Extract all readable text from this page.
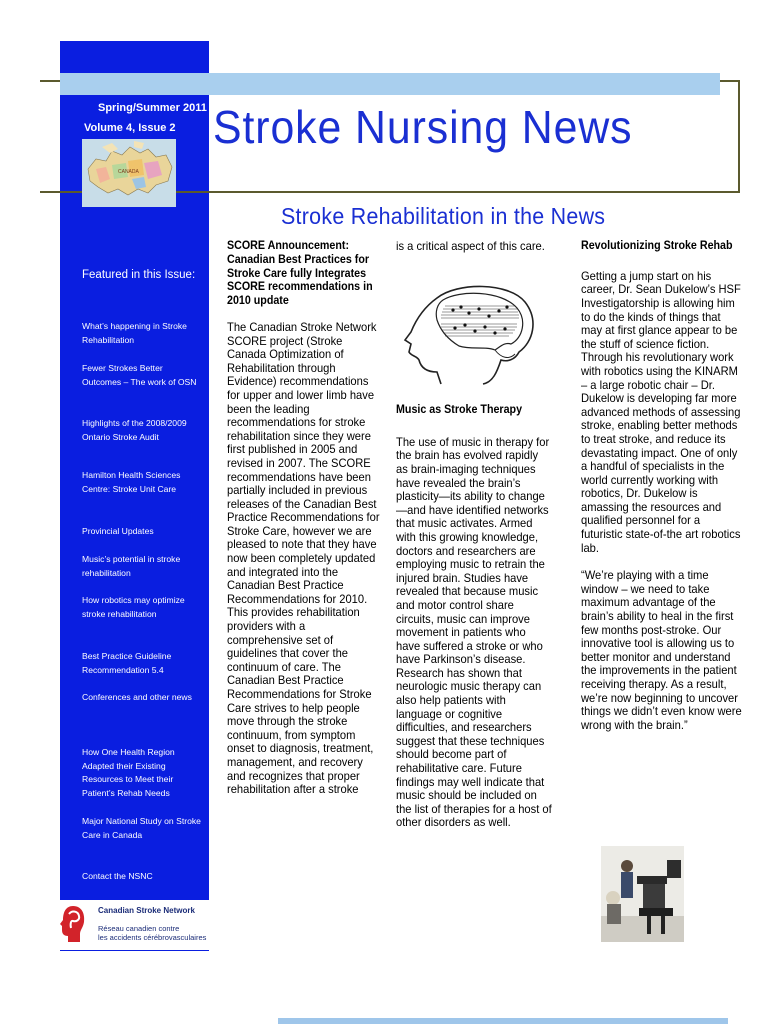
Spring/Summer 2011
Volume 4, Issue 2
CANADA
Stroke Nursing News
Stroke Rehabilitation in the News
Featured in this Issue:
What’s happening in Stroke Rehabilitation
Fewer Strokes Better Outcomes – The work of OSN
Highlights of the 2008/2009 Ontario Stroke Audit
Hamilton Health Sciences Centre: Stroke Unit Care
Provincial Updates
Music’s potential in stroke rehabilitation
How robotics may optimize stroke rehabilitation
Best Practice Guideline Recommendation 5.4
Conferences and other news
How One Health Region Adapted their Existing Resources to Meet their Patient’s Rehab Needs
Major National Study on Stroke Care in Canada
Contact the NSNC
SCORE Announcement: Canadian Best Practices for Stroke Care fully Integrates SCORE recommendations in 2010 update
The Canadian Stroke Network SCORE project (Stroke Canada Optimization of Rehabilitation through Evidence) recommendations for upper and lower limb have been the leading recommendations for stroke rehabilitation since they were first published in 2005 and revised in 2007. The SCORE recommendations have been partially included in previous releases of the Canadian Best Practice Recommendations for Stroke Care, however we are pleased to note that they have now been completely updated and integrated into the Canadian Best Practice Recommendations for 2010. This provides rehabilitation providers with a comprehensive set of guidelines that cover the continuum of care. The Canadian Best Practice Recommendations for Stroke Care strives to help people move through the stroke continuum, from symptom onset to diagnosis, treatment, management, and recovery and recognizes that proper rehabilitation after a stroke
is a critical aspect of this care.
Music as Stroke Therapy
The use of music in therapy for the brain has evolved rapidly as brain-imaging techniques have revealed the brain’s plasticity—its ability to change—and have identified networks that music activates. Armed with this growing knowledge, doctors and researchers are employing music to retrain the injured brain. Studies have revealed that because music and motor control share circuits, music can improve movement in patients who have suffered a stroke or who have Parkinson’s disease. Research has shown that neurologic music therapy can also help patients with language or cognitive difficulties, and researchers suggest that these techniques should become part of rehabilitative care. Future findings may well indicate that music should be included on the list of therapies for a host of other disorders as well.
Revolutionizing Stroke Rehab
Getting a jump start on his career, Dr. Sean Dukelow’s HSF Investigatorship is allowing him to do the kinds of things that may at first glance appear to be the stuff of science fiction. Through his revolutionary work with robotics using the KINARM – a large robotic chair – Dr. Dukelow is developing far more advanced methods of assessing stroke, enabling better methods to treat stroke, and reduce its devastating impact. One of only a handful of specialists in the world currently working with robotics, Dr. Dukelow is amassing the resources and qualified personnel for a futuristic state-of-the art robotics lab.
“We’re playing with a time window – we need to take maximum advantage of the brain’s ability to heal in the first few months post-stroke. Our innovative tool is allowing us to better monitor and understand the improvements in the patient receiving therapy. As a result, we’re now beginning to uncover things we didn’t even know were wrong with the brain.”
Canadian Stroke Network
Réseau canadien contre
les accidents cérébrovasculaires
